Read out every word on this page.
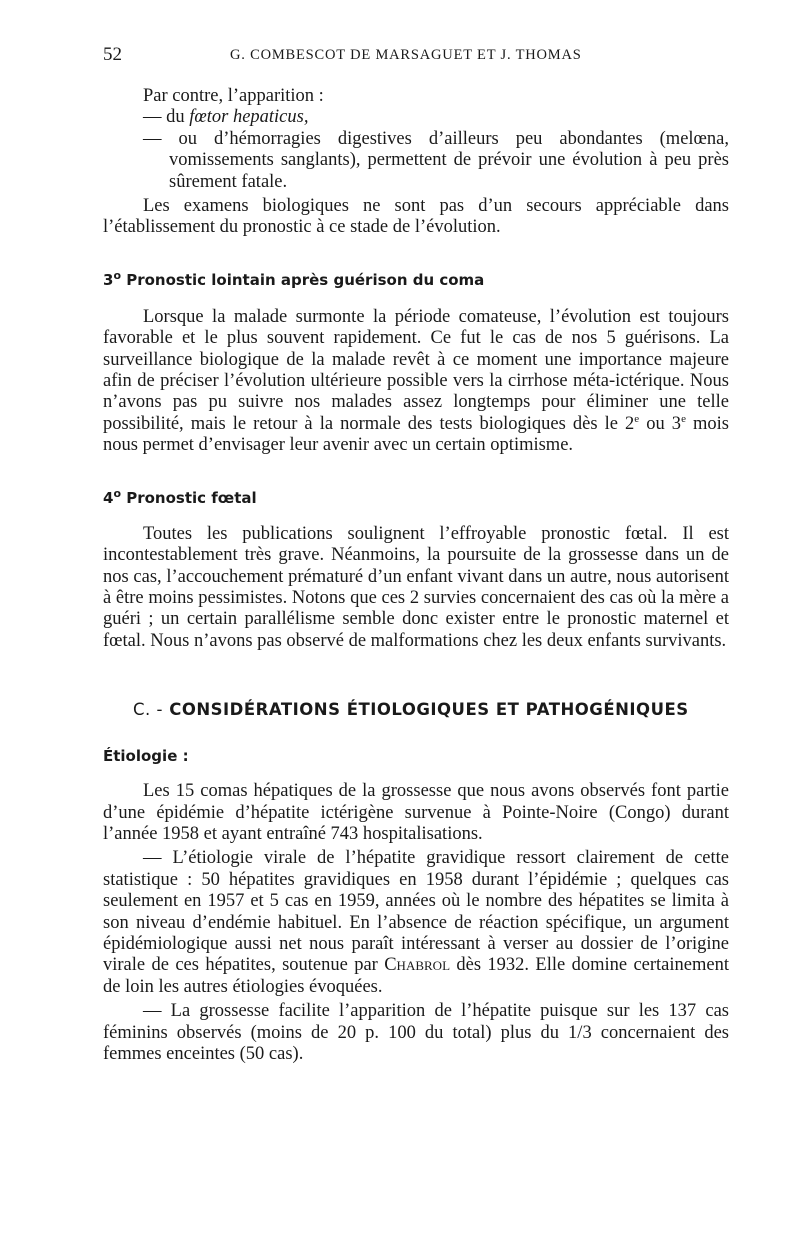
52	G. COMBESCOT DE MARSAGUET ET J. THOMAS

Par contre, l’apparition :

— du fœtor hepaticus,

— ou d’hémorragies digestives d’ailleurs peu abondantes (melœna, vomissements sanglants), permettent de prévoir une évolution à peu près sûrement fatale.

Les examens biologiques ne sont pas d’un secours appréciable dans l’établissement du pronostic à ce stade de l’évolution.

3$^o$ Pronostic lointain après guérison du coma

Lorsque la malade surmonte la période comateuse, l’évolution est toujours favorable et le plus souvent rapidement. Ce fut le cas de nos 5 guérisons. La surveillance biologique de la malade revêt à ce moment une importance majeure afin de préciser l’évolution ultérieure possible vers la cirrhose méta-ictérique. Nous n’avons pas pu suivre nos malades assez longtemps pour éliminer une telle possibilité, mais le retour à la normale des tests biologiques dès le 2e ou 3e mois nous permet d’envisager leur avenir avec un certain optimisme.

4$^o$ Pronostic fœtal

Toutes les publications soulignent l’effroyable pronostic fœtal. Il est incontestablement très grave. Néanmoins, la poursuite de la grossesse dans un de nos cas, l’accouchement prématuré d’un enfant vivant dans un autre, nous autorisent à être moins pessimistes. Notons que ces 2 survies concernaient des cas où la mère a guéri ; un certain parallélisme semble donc exister entre le pronostic maternel et fœtal. Nous n’avons pas observé de malformations chez les deux enfants survivants.

C. - CONSIDÉRATIONS ÉTIOLOGIQUES ET PATHOGÉNIQUES

Étiologie :

Les 15 comas hépatiques de la grossesse que nous avons observés font partie d’une épidémie d’hépatite ictérigène survenue à Pointe-Noire (Congo) durant l’année 1958 et ayant entraîné 743 hospitalisations.

— L’étiologie virale de l’hépatite gravidique ressort clairement de cette statistique : 50 hépatites gravidiques en 1958 durant l’épidémie ; quelques cas seulement en 1957 et 5 cas en 1959, années où le nombre des hépatites se limita à son niveau d’endémie habituel. En l’absence de réaction spécifique, un argument épidémiologique aussi net nous paraît intéressant à verser au dossier de l’origine virale de ces hépatites, soutenue par Chabrol dès 1932. Elle domine certainement de loin les autres étiologies évoquées.

— La grossesse facilite l’apparition de l’hépatite puisque sur les 137 cas féminins observés (moins de 20 p. 100 du total) plus du 1/3 concernaient des femmes enceintes (50 cas).
